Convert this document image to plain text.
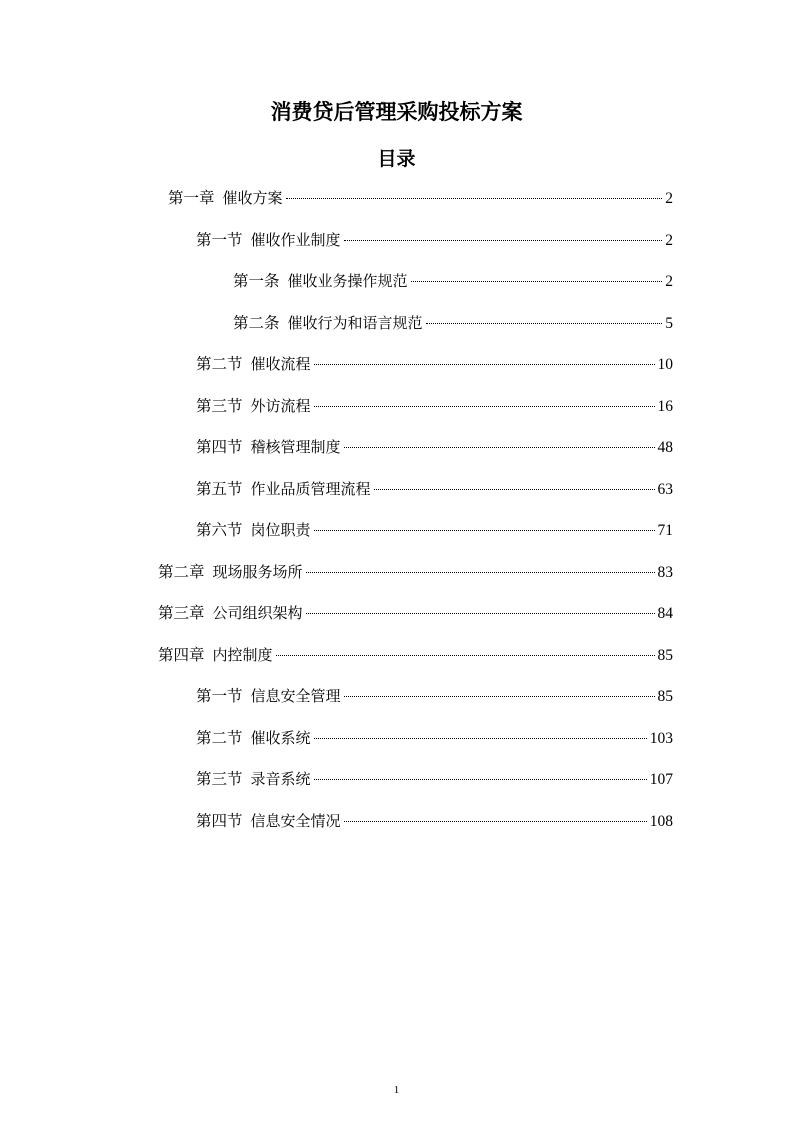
消费贷后管理采购投标方案
目录
第一章 催收方案	2
第一节 催收作业制度	2
第一条 催收业务操作规范	2
第二条 催收行为和语言规范	5
第二节 催收流程	10
第三节 外访流程	16
第四节 稽核管理制度	48
第五节 作业品质管理流程	63
第六节 岗位职责	71
第二章 现场服务场所	83
第三章 公司组织架构	84
第四章 内控制度	85
第一节 信息安全管理	85
第二节 催收系统	103
第三节 录音系统	107
第四节 信息安全情况	108
1
